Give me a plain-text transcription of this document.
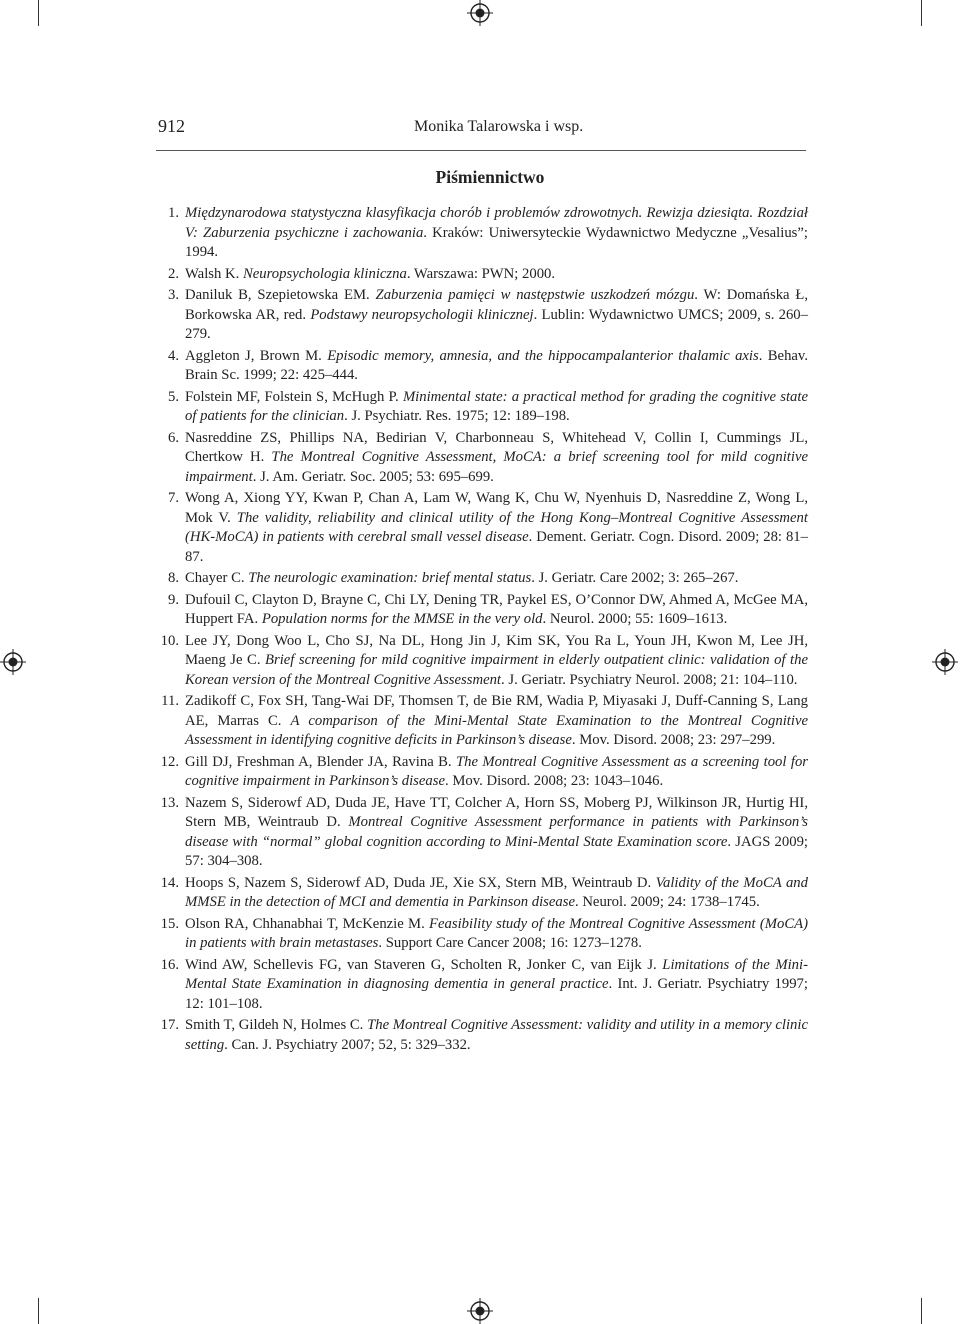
912	Monika Talarowska i wsp.
Piśmiennictwo
1. Międzynarodowa statystyczna klasyfikacja chorób i problemów zdrowotnych. Rewizja dziesiąta. Rozdział V: Zaburzenia psychiczne i zachowania. Kraków: Uniwersyteckie Wydawnictwo Medyczne „Vesalius”; 1994.
2. Walsh K. Neuropsychologia kliniczna. Warszawa: PWN; 2000.
3. Daniluk B, Szepietowska EM. Zaburzenia pamięci w następstwie uszkodzeń mózgu. W: Domańska Ł, Borkowska AR, red. Podstawy neuropsychologii klinicznej. Lublin: Wydawnictwo UMCS; 2009, s. 260–279.
4. Aggleton J, Brown M. Episodic memory, amnesia, and the hippocampalanterior thalamic axis. Behav. Brain Sc. 1999; 22: 425–444.
5. Folstein MF, Folstein S, McHugh P. Minimental state: a practical method for grading the cognitive state of patients for the clinician. J. Psychiatr. Res. 1975; 12: 189–198.
6. Nasreddine ZS, Phillips NA, Bedirian V, Charbonneau S, Whitehead V, Collin I, Cummings JL, Chertkow H. The Montreal Cognitive Assessment, MoCA: a brief screening tool for mild cognitive impairment. J. Am. Geriatr. Soc. 2005; 53: 695–699.
7. Wong A, Xiong YY, Kwan P, Chan A, Lam W, Wang K, Chu W, Nyenhuis D, Nasreddine Z, Wong L, Mok V. The validity, reliability and clinical utility of the Hong Kong–Montreal Cognitive Assessment (HK-MoCA) in patients with cerebral small vessel disease. Dement. Geriatr. Cogn. Disord. 2009; 28: 81–87.
8. Chayer C. The neurologic examination: brief mental status. J. Geriatr. Care 2002; 3: 265–267.
9. Dufouil C, Clayton D, Brayne C, Chi LY, Dening TR, Paykel ES, O’Connor DW, Ahmed A, McGee MA, Huppert FA. Population norms for the MMSE in the very old. Neurol. 2000; 55: 1609–1613.
10. Lee JY, Dong Woo L, Cho SJ, Na DL, Hong Jin J, Kim SK, You Ra L, Youn JH, Kwon M, Lee JH, Maeng Je C. Brief screening for mild cognitive impairment in elderly outpatient clinic: validation of the Korean version of the Montreal Cognitive Assessment. J. Geriatr. Psychiatry Neurol. 2008; 21: 104–110.
11. Zadikoff C, Fox SH, Tang-Wai DF, Thomsen T, de Bie RM, Wadia P, Miyasaki J, Duff-Canning S, Lang AE, Marras C. A comparison of the Mini-Mental State Examination to the Montreal Cognitive Assessment in identifying cognitive deficits in Parkinson’s disease. Mov. Disord. 2008; 23: 297–299.
12. Gill DJ, Freshman A, Blender JA, Ravina B. The Montreal Cognitive Assessment as a screening tool for cognitive impairment in Parkinson’s disease. Mov. Disord. 2008; 23: 1043–1046.
13. Nazem S, Siderowf AD, Duda JE, Have TT, Colcher A, Horn SS, Moberg PJ, Wilkinson JR, Hurtig HI, Stern MB, Weintraub D. Montreal Cognitive Assessment performance in patients with Parkinson’s disease with “normal” global cognition according to Mini-Mental State Examination score. JAGS 2009; 57: 304–308.
14. Hoops S, Nazem S, Siderowf AD, Duda JE, Xie SX, Stern MB, Weintraub D. Validity of the MoCA and MMSE in the detection of MCI and dementia in Parkinson disease. Neurol. 2009; 24: 1738–1745.
15. Olson RA, Chhanabhai T, McKenzie M. Feasibility study of the Montreal Cognitive Assessment (MoCA) in patients with brain metastases. Support Care Cancer 2008; 16: 1273–1278.
16. Wind AW, Schellevis FG, van Staveren G, Scholten R, Jonker C, van Eijk J. Limitations of the Mini-Mental State Examination in diagnosing dementia in general practice. Int. J. Geriatr. Psychiatry 1997; 12: 101–108.
17. Smith T, Gildeh N, Holmes C. The Montreal Cognitive Assessment: validity and utility in a memory clinic setting. Can. J. Psychiatry 2007; 52, 5: 329–332.
